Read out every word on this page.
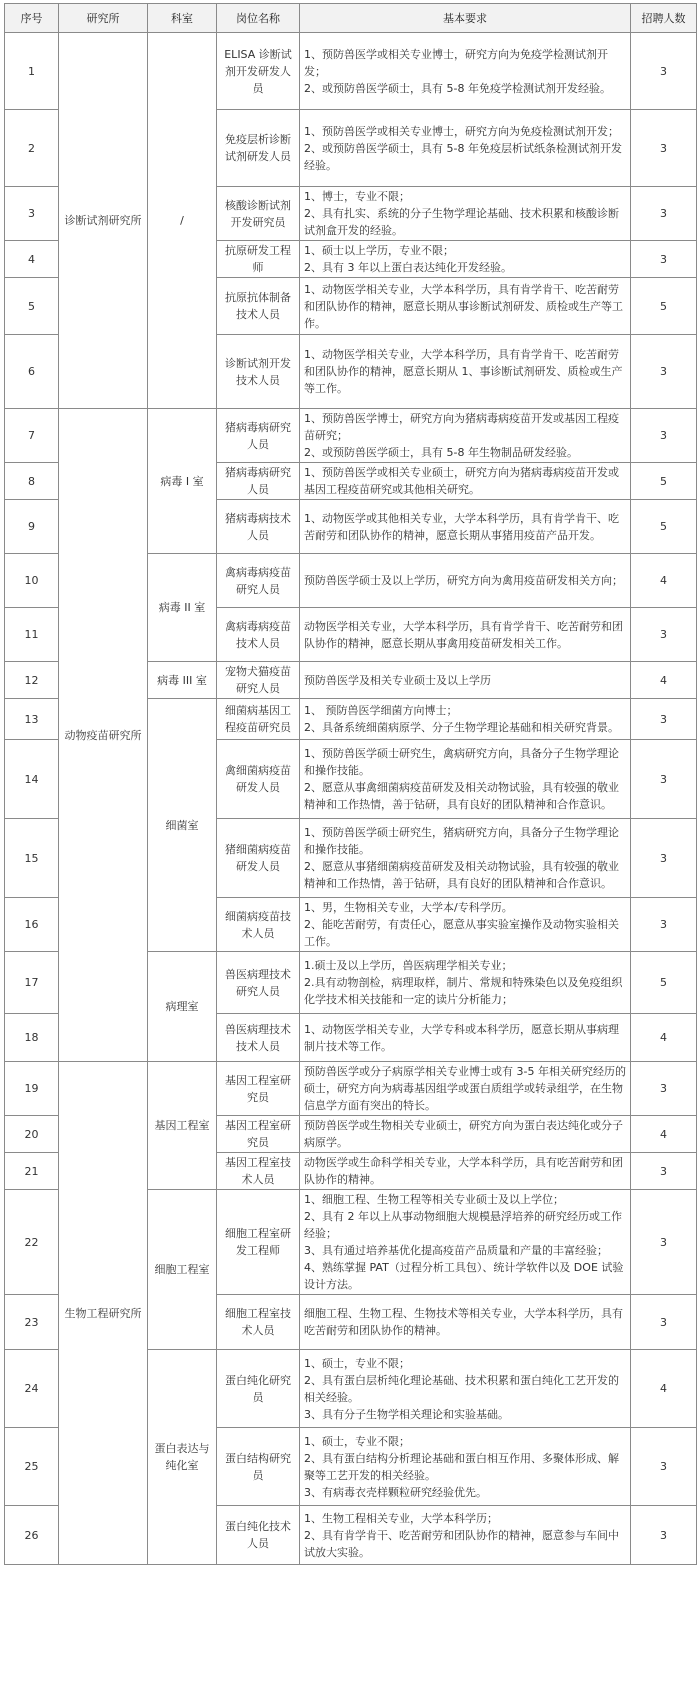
序号	研究所	科室	岗位名称	基本要求	招聘人数
1	诊断试剂研究所	/	ELISA 诊断试剂开发研发人员	1、预防兽医学或相关专业博士，研究方向为免疫学检测试剂开发；
2、或预防兽医学硕士，具有 5-8 年免疫学检测试剂开发经验。	3
2			免疫层析诊断试剂研发人员	1、预防兽医学或相关专业博士，研究方向为免疫检测试剂开发；
2、或预防兽医学硕士，具有 5-8 年免疫层析试纸条检测试剂开发经验。	3
3			核酸诊断试剂开发研究员	1、博士，专业不限；
2、具有扎实、系统的分子生物学理论基础、技术积累和核酸诊断试剂盒开发的经验。	3
4			抗原研发工程师	1、硕士以上学历，专业不限；
2、具有 3 年以上蛋白表达纯化开发经验。	3
5			抗原抗体制备技术人员	1、动物医学相关专业，大学本科学历，具有肯学肯干、吃苦耐劳和团队协作的精神，愿意长期从事诊断试剂研发、质检或生产等工作。	5
6			诊断试剂开发技术人员	1、动物医学相关专业，大学本科学历，具有肯学肯干、吃苦耐劳和团队协作的精神，愿意长期从 1、事诊断试剂研发、质检或生产等工作。	3
7	动物疫苗研究所	病毒 I 室	猪病毒病研究人员	1、预防兽医学博士，研究方向为猪病毒病疫苗开发或基因工程疫苗研究；
2、或预防兽医学硕士，具有 5-8 年生物制品研发经验。	3
8			猪病毒病研究人员	1、预防兽医学或相关专业硕士，研究方向为猪病毒病疫苗开发或基因工程疫苗研究或其他相关研究。	5
9			猪病毒病技术人员	1、动物医学或其他相关专业，大学本科学历，具有肯学肯干、吃苦耐劳和团队协作的精神，愿意长期从事猪用疫苗产品开发。	5
10		病毒 II 室	禽病毒病疫苗研究人员	预防兽医学硕士及以上学历，研究方向为禽用疫苗研发相关方向；	4
11			禽病毒病疫苗技术人员	动物医学相关专业，大学本科学历，具有肯学肯干、吃苦耐劳和团队协作的精神，愿意长期从事禽用疫苗研发相关工作。	3
12		病毒 III 室	宠物犬猫疫苗研究人员	预防兽医学及相关专业硕士及以上学历	4
13		细菌室	细菌病基因工程疫苗研究员	1、 预防兽医学细菌方向博士；
2、具备系统细菌病原学、分子生物学理论基础和相关研究背景。	3
14			禽细菌病疫苗研发人员	1、预防兽医学硕士研究生，禽病研究方向，具备分子生物学理论和操作技能。
2、愿意从事禽细菌病疫苗研发及相关动物试验，具有较强的敬业精神和工作热情，善于钻研，具有良好的团队精神和合作意识。	3
15			猪细菌病疫苗研发人员	1、预防兽医学硕士研究生，猪病研究方向，具备分子生物学理论和操作技能。
2、愿意从事猪细菌病疫苗研发及相关动物试验，具有较强的敬业精神和工作热情，善于钻研，具有良好的团队精神和合作意识。	3
16			细菌病疫苗技术人员	1、男，生物相关专业，大学本/专科学历。
2、能吃苦耐劳，有责任心，愿意从事实验室操作及动物实验相关工作。	3
17		病理室	兽医病理技术研究人员	1.硕士及以上学历，兽医病理学相关专业；
2.具有动物剖检，病理取样，制片、常规和特殊染色以及免疫组织化学技术相关技能和一定的读片分析能力；	5
18			兽医病理技术技术人员	1、动物医学相关专业，大学专科或本科学历，愿意长期从事病理制片技术等工作。	4
19	生物工程研究所	基因工程室	基因工程室研究员	预防兽医学或分子病原学相关专业博士或有 3-5 年相关研究经历的硕士，研究方向为病毒基因组学或蛋白质组学或转录组学，在生物信息学方面有突出的特长。	3
20			基因工程室研究员	预防兽医学或生物相关专业硕士，研究方向为蛋白表达纯化或分子病原学。	4
21			基因工程室技术人员	动物医学或生命科学相关专业，大学本科学历，具有吃苦耐劳和团队协作的精神。	3
22		细胞工程室	细胞工程室研发工程师	1、细胞工程、生物工程等相关专业硕士及以上学位；
2、具有 2 年以上从事动物细胞大规模悬浮培养的研究经历或工作经验；
3、具有通过培养基优化提高疫苗产品质量和产量的丰富经验；
4、熟练掌握 PAT（过程分析工具包）、统计学软件以及 DOE 试验设计方法。	3
23			细胞工程室技术人员	细胞工程、生物工程、生物技术等相关专业，大学本科学历，具有吃苦耐劳和团队协作的精神。	3
24		蛋白表达与纯化室	蛋白纯化研究员	1、硕士，专业不限；
2、具有蛋白层析纯化理论基础、技术积累和蛋白纯化工艺开发的相关经验。
3、具有分子生物学相关理论和实验基础。	4
25			蛋白结构研究员	1、硕士，专业不限；
2、具有蛋白结构分析理论基础和蛋白相互作用、多聚体形成、解聚等工艺开发的相关经验。
3、有病毒衣壳样颗粒研究经验优先。	3
26			蛋白纯化技术人员	1、生物工程相关专业，大学本科学历；
2、具有肯学肯干、吃苦耐劳和团队协作的精神，愿意参与车间中试放大实验。	3
